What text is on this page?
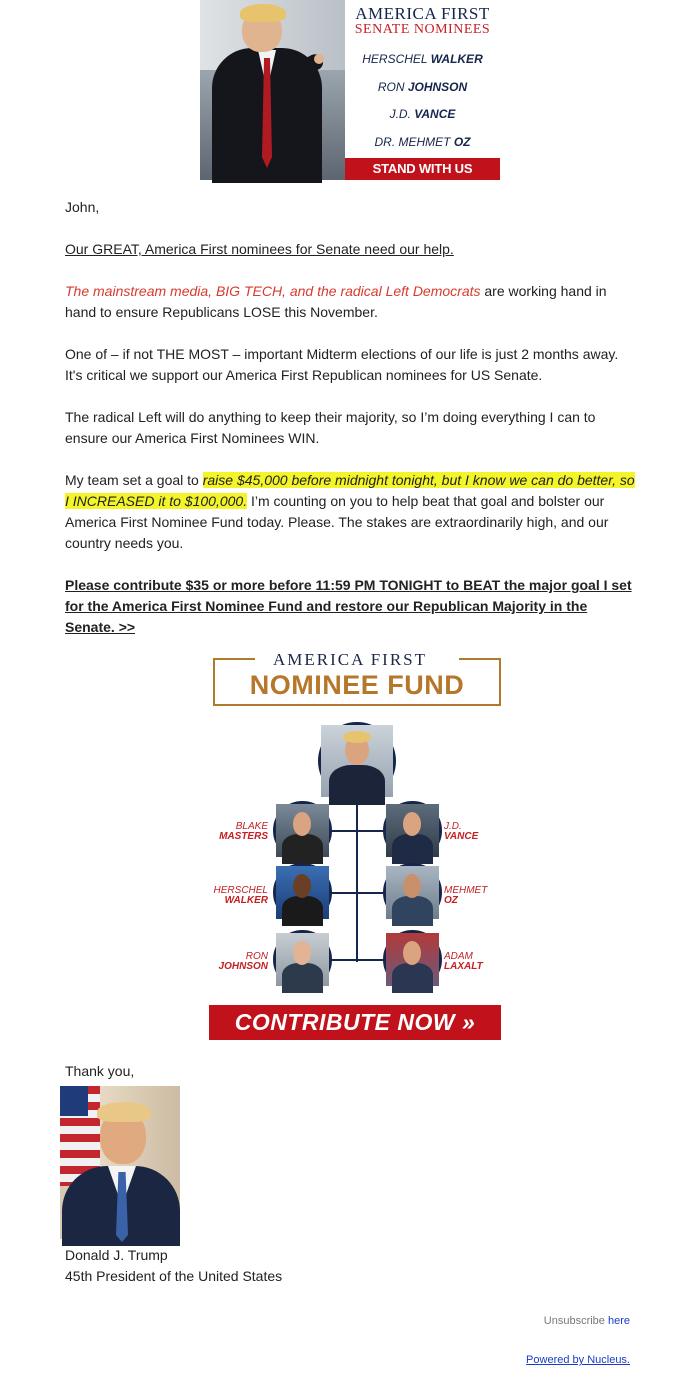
AMERICA FIRST
SENATE NOMINEES
HERSCHEL WALKER
RON JOHNSON
J.D. VANCE
DR. MEHMET OZ
STAND WITH US TODAY>>
John,
Our GREAT, America First nominees for Senate need our help.
The mainstream media, BIG TECH, and the radical Left Democrats are working hand in hand to ensure Republicans LOSE this November.
One of – if not THE MOST – important Midterm elections of our life is just 2 months away. It's critical we support our America First Republican nominees for US Senate.
The radical Left will do anything to keep their majority, so I’m doing everything I can to ensure our America First Nominees WIN.
My team set a goal to raise $45,000 before midnight tonight, but I know we can do better, so I INCREASED it to $100,000. I’m counting on you to help beat that goal and bolster our America First Nominee Fund today. Please. The stakes are extraordinarily high, and our country needs you.
Please contribute $35 or more before 11:59 PM TONIGHT to BEAT the major goal I set for the America First Nominee Fund and restore our Republican Majority in the Senate. >>
AMERICA FIRST
NOMINEE FUND
BLAKE
MASTERS
J.D.
VANCE
HERSCHEL
WALKER
MEHMET
OZ
RON
JOHNSON
ADAM
LAXALT
CONTRIBUTE NOW »
Thank you,
Donald J. Trump
45th President of the United States
Unsubscribe here
Powered by Nucleus.
